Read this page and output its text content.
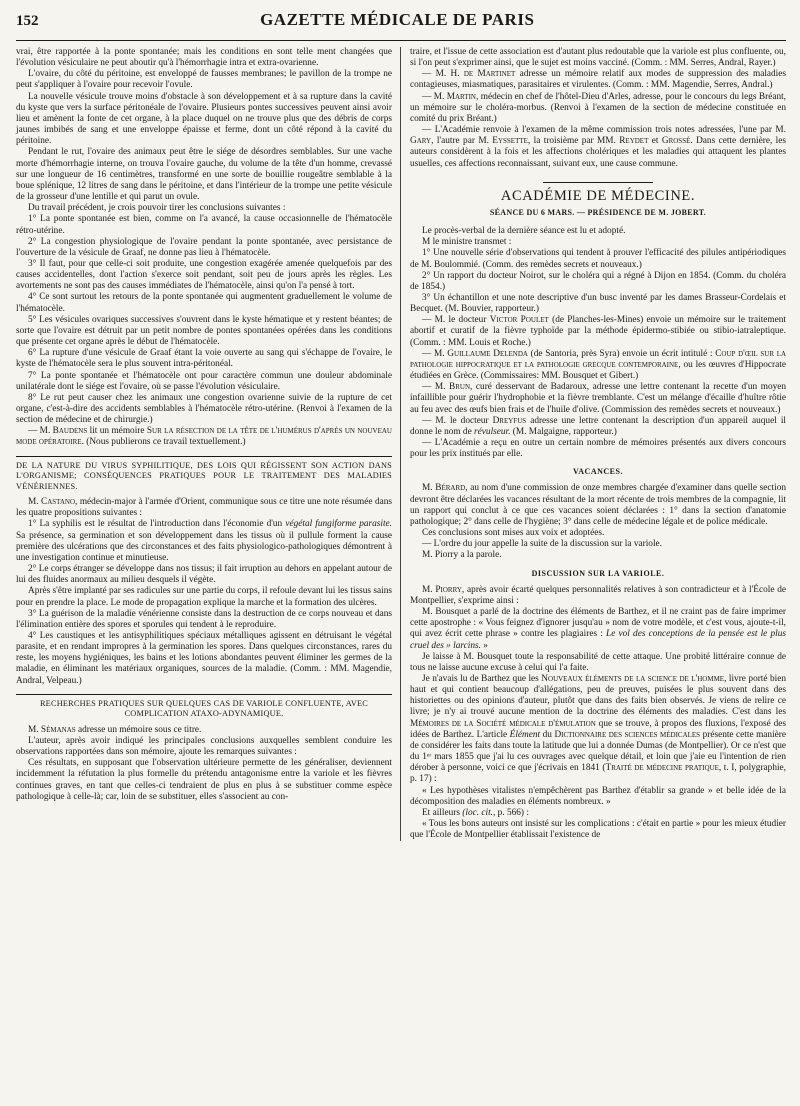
152	GAZETTE MÉDICALE DE PARIS

vrai, être rapportée à la ponte spontanée; mais les conditions en sont telle ment changées que l'évolution vésiculaire ne peut aboutir qu'à l'hémorrhagie intra et extra-ovarienne.

L'ovaire, du côté du péritoine, est enveloppé de fausses membranes; le pavillon de la trompe ne peut s'appliquer à l'ovaire pour recevoir l'ovule.

La nouvelle vésicule trouve moins d'obstacle à son développement et à sa rupture dans la cavité du kyste que vers la surface péritonéale de l'ovaire. Plusieurs pontes successives peuvent ainsi avoir lieu et amènent la fonte de cet organe, à la place duquel on ne trouve plus que des débris de corps jaunes imbibés de sang et une enveloppe épaisse et ferme, dont un côté répond à la cavité du péritoine.

Pendant le rut, l'ovaire des animaux peut être le siége de désordres semblables. Sur une vache morte d'hémorrhagie interne, on trouva l'ovaire gauche, du volume de la tête d'un homme, crevassé sur une longueur de 16 centimètres, transformé en une sorte de bouillie rougeâtre semblable à la boue splénique, 12 litres de sang dans le péritoine, et dans l'intérieur de la trompe une petite vésicule de la grosseur d'une lentille et qui parut un ovule.

Du travail précédent, je crois pouvoir tirer les conclusions suivantes :

1° La ponte spontanée est bien, comme on l'a avancé, la cause occasionnelle de l'hématocèle rétro-utérine.

2° La congestion physiologique de l'ovaire pendant la ponte spontanée, avec persistance de l'ouverture de la vésicule de Graaf, ne donne pas lieu à l'hématocèle.

3° Il faut, pour que celle-ci soit produite, une congestion exagérée amenée quelquefois par des causes accidentelles, dont l'action s'exerce soit pendant, soit peu de jours après les règles. Les avortements ne sont pas des causes immédiates de l'hématocèle, ainsi qu'on l'a pensé à tort.

4° Ce sont surtout les retours de la ponte spontanée qui augmentent graduellement le volume de l'hématocèle.

5° Les vésicules ovariques successives s'ouvrent dans le kyste hématique et y restent béantes; de sorte que l'ovaire est détruit par un petit nombre de pontes spontanées opérées dans les conditions que présente cet organe après le début de l'hématocèle.

6° La rupture d'une vésicule de Graaf étant la voie ouverte au sang qui s'échappe de l'ovaire, le kyste de l'hématocèle sera le plus souvent intra-péritonéal.

7° La ponte spontanée et l'hématocèle ont pour caractère commun une douleur abdominale unilatérale dont le siége est l'ovaire, où se passe l'évolution vésiculaire.

8° Le rut peut causer chez les animaux une congestion ovarienne suivie de la rupture de cet organe, c'est-à-dire des accidents semblables à l'hématocèle rétro-utérine. (Renvoi à l'examen de la section de médecine et de chirurgie.)

— M. Baudens lit un mémoire Sur la résection de la tête de l'humérus d'après un nouveau mode opératoire. (Nous publierons ce travail textuellement.)

DE LA NATURE DU VIRUS SYPHILITIQUE, DES LOIS QUI RÉGISSENT SON ACTION DANS L'ORGANISME; CONSÉQUENCES PRATIQUES POUR LE TRAITEMENT DES MALADIES VÉNÉRIENNES.

M. Castano, médecin-major à l'armée d'Orient, communique sous ce titre une note résumée dans les quatre propositions suivantes :

1° La syphilis est le résultat de l'introduction dans l'économie d'un végétal fungiforme parasite. Sa présence, sa germination et son développement dans les tissus où il pullule forment la cause première des ulcérations que des circonstances et des faits physiologico-pathologiques démontrent à une investigation continue et minutieuse.

2° Le corps étranger se développe dans nos tissus; il fait irruption au dehors en appelant autour de lui des fluides anormaux au milieu desquels il végète.

Après s'être implanté par ses radicules sur une partie du corps, il refoule devant lui les tissus sains pour en prendre la place. Le mode de propagation explique la marche et la formation des ulcères.

3° La guérison de la maladie vénérienne consiste dans la destruction de ce corps nouveau et dans l'élimination entière des spores et sporules qui tendent à le reproduire.

4° Les caustiques et les antisyphilitiques spéciaux métalliques agissent en détruisant le végétal parasite, et en rendant impropres à la germination les spores. Dans quelques circonstances, rares du reste, les moyens hygiéniques, les bains et les lotions abondantes peuvent éliminer les germes de la maladie, en éliminant les matériaux organiques, sources de la maladie. (Comm. : MM. Magendie, Andral, Velpeau.)

RECHERCHES PRATIQUES SUR QUELQUES CAS DE VARIOLE CONFLUENTE, AVEC COMPLICATION ATAXO-ADYNAMIQUE.

M. Sémanas adresse un mémoire sous ce titre.

L'auteur, après avoir indiqué les principales conclusions auxquelles semblent conduire les observations rapportées dans son mémoire, ajoute les remarques suivantes :

Ces résultats, en supposant que l'observation ultérieure permette de les généraliser, deviennent incidemment la réfutation la plus formelle du prétendu antagonisme entre la variole et les fièvres continues graves, en tant que celles-ci tendraient de plus en plus à se substituer comme espèce pathologique à celle-là; car, loin de se substituer, elles s'associent au con-

traire, et l'issue de cette association est d'autant plus redoutable que la variole est plus confluente, ou, si l'on peut s'exprimer ainsi, que le sujet est moins vacciné. (Comm. : MM. Serres, Andral, Rayer.)

— M. H. de Martinet adresse un mémoire relatif aux modes de suppression des maladies contagieuses, miasmatiques, parasitaires et virulentes. (Comm. : MM. Magendie, Serres, Andral.)

— M. Martin, médecin en chef de l'hôtel-Dieu d'Arles, adresse, pour le concours du legs Bréant, un mémoire sur le choléra-morbus. (Renvoi à l'examen de la section de médecine constituée en comité du prix Bréant.)

— L'Académie renvoie à l'examen de la même commission trois notes adressées, l'une par M. Gary, l'autre par M. Eyssette, la troisième par MM. Reydet et Grossé. Dans cette dernière, les auteurs considèrent à la fois et les affections cholériques et les maladies qui attaquent les plantes usuelles, ces affections reconnaissant, suivant eux, une cause commune.

ACADÉMIE DE MÉDECINE.

SÉANCE DU 6 MARS. — PRÉSIDENCE DE M. JOBERT.

Le procès-verbal de la dernière séance est lu et adopté.

M le ministre transmet :

1° Une nouvelle série d'observations qui tendent à prouver l'efficacité des pilules antipériodiques de M. Boulommié. (Comm. des remèdes secrets et nouveaux.)

2° Un rapport du docteur Noirot, sur le choléra qui a régné à Dijon en 1854. (Comm. du choléra de 1854.)

3° Un échantillon et une note descriptive d'un busc inventé par les dames Brasseur-Cordelais et Becquet. (M. Bouvier, rapporteur.)

— M. le docteur Victor Poulet (de Planches-les-Mines) envoie un mémoire sur le traitement abortif et curatif de la fièvre typhoïde par la méthode épidermo-stibiée ou stibio-iatraleptique. (Comm. : MM. Louis et Roche.)

— M. Guillaume Delenda (de Santoria, près Syra) envoie un écrit intitulé : Coup d'œil sur la pathologie hippocratique et la pathologie grecque contemporaine, ou les œuvres d'Hippocrate étudiées en Grèce. (Commissaires: MM. Bousquet et Gibert.)

— M. Brun, curé desservant de Badaroux, adresse une lettre contenant la recette d'un moyen infaillible pour guérir l'hydrophobie et la fièvre tremblante. C'est un mélange d'écaille d'huître rôtie au feu avec des œufs bien frais et de l'huile d'olive. (Commission des remèdes secrets et nouveaux.)

— M. le docteur Dreyfus adresse une lettre contenant la description d'un appareil auquel il donne le nom de révulseur. (M. Malgaigne, rapporteur.)

— L'Académie a reçu en outre un certain nombre de mémoires présentés aux divers concours pour les prix institués par elle.

VACANCES.

M. Bérard, au nom d'une commission de onze membres chargée d'examiner dans quelle section devront être déclarées les vacances résultant de la mort récente de trois membres de la compagnie, lit un rapport qui conclut à ce que ces vacances soient déclarées : 1° dans la section d'anatomie pathologique; 2° dans celle de l'hygiène; 3° dans celle de médecine légale et de police médicale.

Ces conclusions sont mises aux voix et adoptées.

— L'ordre du jour appelle la suite de la discussion sur la variole.

M. Piorry a la parole.

DISCUSSION SUR LA VARIOLE.

M. Piorry, après avoir écarté quelques personnalités relatives à son contradicteur et à l'École de Montpellier, s'exprime ainsi :

M. Bousquet a parlé de la doctrine des éléments de Barthez, et il ne craint pas de faire imprimer cette apostrophe : « Vous feignez d'ignorer jusqu'au » nom de votre modèle, et c'est vous, ajoute-t-il, qui avez écrit cette phrase » contre les plagiaires : Le vol des conceptions de la pensée est le plus cruel des » larcins. »

Je laisse à M. Bousquet toute la responsabilité de cette attaque. Une probité littéraire connue de tous ne laisse aucune excuse à celui qui l'a faite.

Je n'avais lu de Barthez que les Nouveaux éléments de la science de l'homme, livre porté bien haut et qui contient beaucoup d'allégations, peu de preuves, puisées le plus souvent dans des historiettes ou des opinions d'auteur, plutôt que dans des faits bien observés. Je viens de relire ce livre; je n'y ai trouvé aucune mention de la doctrine des éléments des maladies. C'est dans les Mémoires de la Société médicale d'émulation que se trouve, à propos des fluxions, l'exposé des idées de Barthez. L'article Élément du Dictionnaire des sciences médicales présente cette manière de considérer les faits dans toute la latitude que lui a donnée Dumas (de Montpellier). Or ce n'est que du 1ᵉʳ mars 1855 que j'ai lu ces ouvrages avec quelque détail, et loin que j'aie eu l'intention de rien dérober à personne, voici ce que j'écrivais en 1841 (Traité de médecine pratique, t. I, polygraphie, p. 17) :

« Les hypothèses vitalistes n'empêchèrent pas Barthez d'établir sa grande » et belle idée de la décomposition des maladies en éléments nombreux. »

Et ailleurs (loc. cit., p. 566) :

« Tous les bons auteurs ont insisté sur les complications : c'était en partie » pour les mieux étudier que l'École de Montpellier établissait l'existence de
